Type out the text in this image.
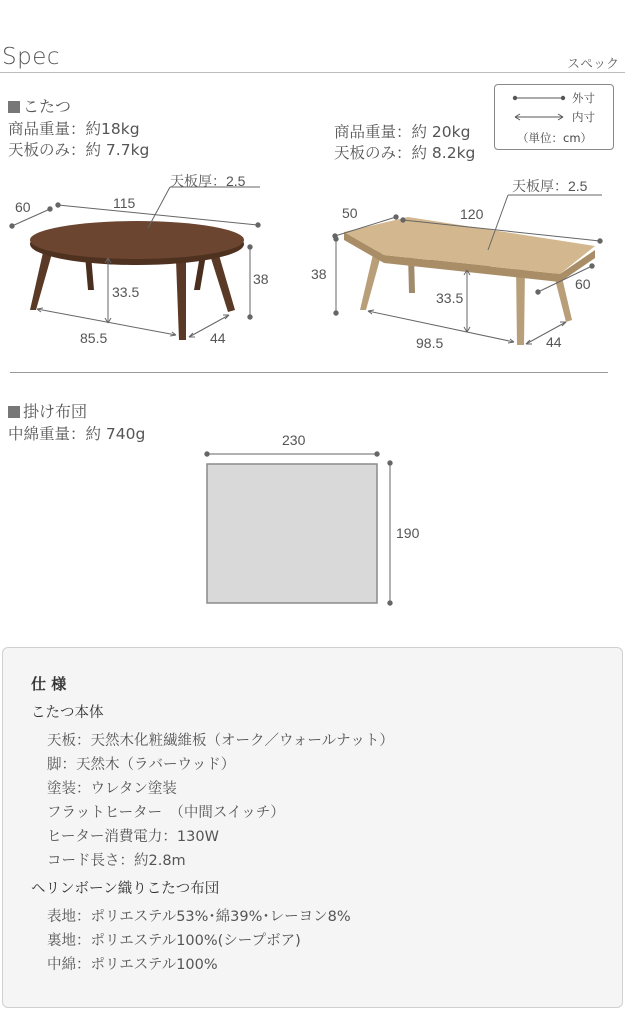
Spec	スペック
こたつ
商品重量：約18kg
天板のみ：約 7.7kg
商品重量：約 20kg
天板のみ：約 8.2kg
外寸
内寸
（単位：cm）
60	115
38
33.5
85.5	44
天板厚：2.5
50	120
38
60
33.5
98.5	44
天板厚：2.5
掛け布団
中綿重量：約 740g	230
190
仕 様
こたつ本体
天板：天然木化粧繊維板（オーク／ウォールナット）
脚：天然木（ラバーウッド）
塗装：ウレタン塗装
フラットヒーター　（中間スイッチ）
ヒーター消費電力：130W
コード長さ：約2.8m
ヘリンボーン織りこたつ布団
表地：ポリエステル53%･綿39%･レーヨン8%
裏地：ポリエステル100%(シープボア)
中綿：ポリエステル100%
